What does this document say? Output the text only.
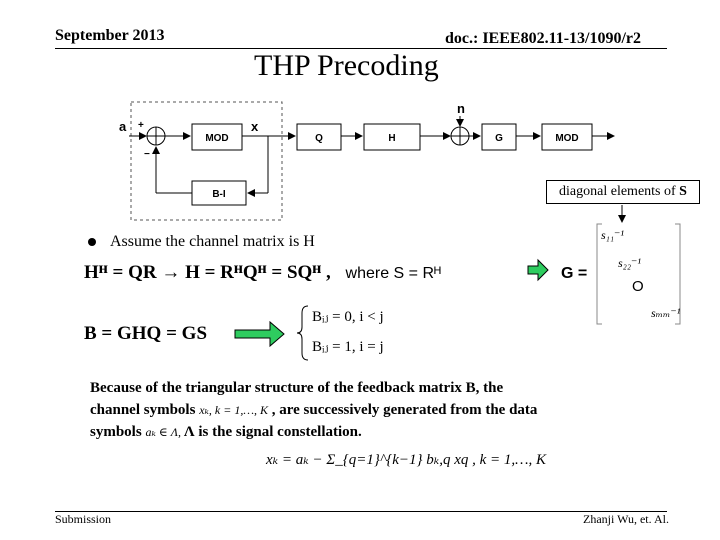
September 2013	doc.: IEEE802.11-13/1090/r2
THP Precoding
a +
−
MOD
x
B-I
Q	H
n
G	MOD
diagonal elements of S
Assume the channel matrix is H
Hᴴ = QR → H = RᴴQᴴ = SQᴴ , where S = Rᴴ	G =
s₁₁⁻¹
s₂₂⁻¹
O
sₘₘ⁻¹
B = GHQ = GS
Bᵢⱼ = 0, i < j
Bᵢⱼ = 1, i = j
Because of the triangular structure of the feedback matrix B, the
channel symbols xₖ, k = 1,…, K , are successively generated from the data
symbols aₖ ∈ Λ, Λ is the signal constellation.
xₖ = aₖ − Σ_{q=1}^{k−1} bₖ,q xq , k = 1,…, K
Submission	Zhanji Wu, et. Al.
